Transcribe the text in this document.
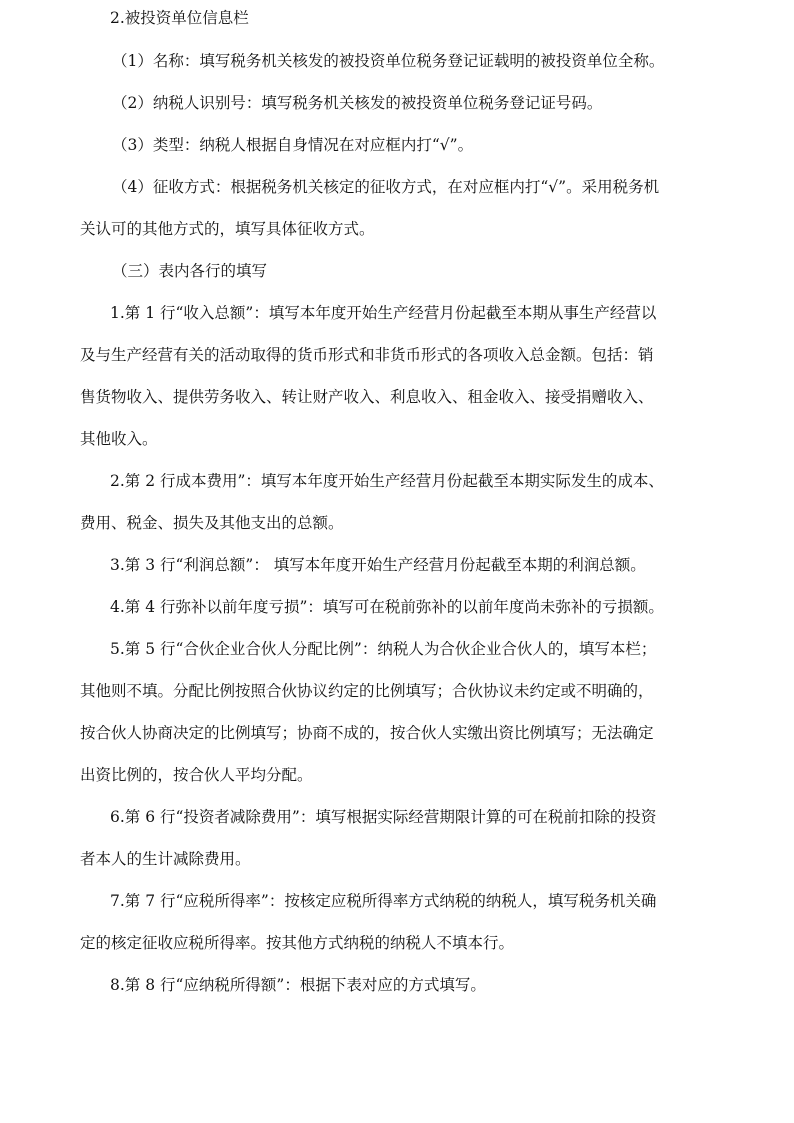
2.被投资单位信息栏
（1）名称：填写税务机关核发的被投资单位税务登记证载明的被投资单位全称。
（2）纳税人识别号：填写税务机关核发的被投资单位税务登记证号码。
（3）类型：纳税人根据自身情况在对应框内打“√”。
（4）征收方式：根据税务机关核定的征收方式，在对应框内打“√”。采用税务机
关认可的其他方式的，填写具体征收方式。
（三）表内各行的填写
1.第 1 行“收入总额”：填写本年度开始生产经营月份起截至本期从事生产经营以
及与生产经营有关的活动取得的货币形式和非货币形式的各项收入总金额。包括：销
售货物收入、提供劳务收入、转让财产收入、利息收入、租金收入、接受捐赠收入、
其他收入。
2.第 2 行成本费用”：填写本年度开始生产经营月份起截至本期实际发生的成本、
费用、税金、损失及其他支出的总额。
3.第 3 行“利润总额”： 填写本年度开始生产经营月份起截至本期的利润总额。
4.第 4 行弥补以前年度亏损”：填写可在税前弥补的以前年度尚未弥补的亏损额。
5.第 5 行“合伙企业合伙人分配比例”：纳税人为合伙企业合伙人的，填写本栏；
其他则不填。分配比例按照合伙协议约定的比例填写；合伙协议未约定或不明确的，
按合伙人协商决定的比例填写；协商不成的，按合伙人实缴出资比例填写；无法确定
出资比例的，按合伙人平均分配。
6.第 6 行“投资者减除费用”：填写根据实际经营期限计算的可在税前扣除的投资
者本人的生计减除费用。
7.第 7 行“应税所得率”：按核定应税所得率方式纳税的纳税人，填写税务机关确
定的核定征收应税所得率。按其他方式纳税的纳税人不填本行。
8.第 8 行“应纳税所得额”：根据下表对应的方式填写。
